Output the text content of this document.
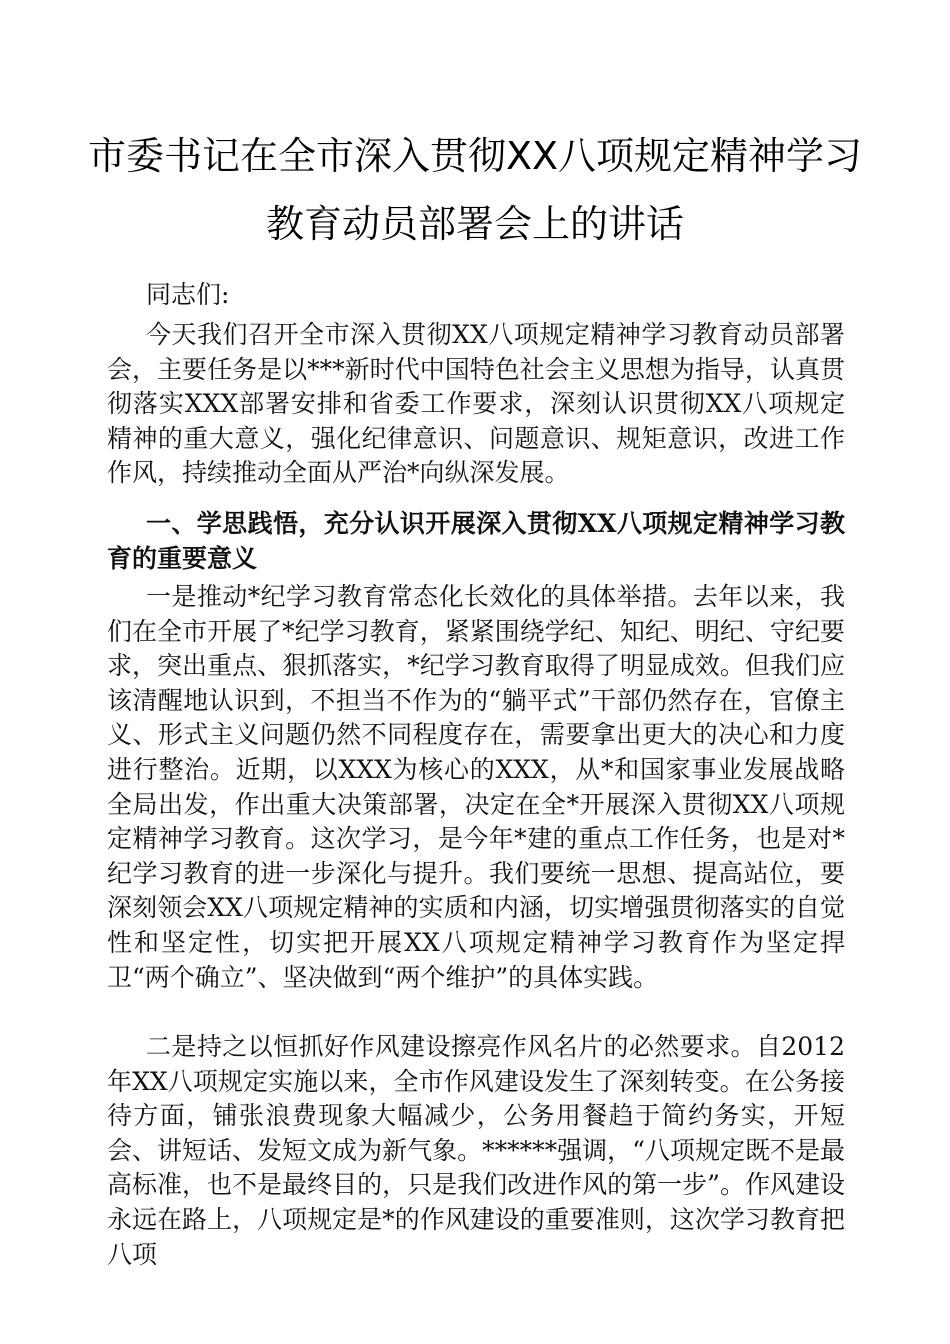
市委书记在全市深入贯彻XX八项规定精神学习
教育动员部署会上的讲话
同志们:
今天我们召开全市深入贯彻XX八项规定精神学习教育动员部署会，主要任务是以***新时代中国特色社会主义思想为指导，认真贯彻落实XXX部署安排和省委工作要求，深刻认识贯彻XX八项规定精神的重大意义，强化纪律意识、问题意识、规矩意识，改进工作作风，持续推动全面从严治*向纵深发展。
一、学思践悟，充分认识开展深入贯彻XX八项规定精神学习教育的重要意义
一是推动*纪学习教育常态化长效化的具体举措。去年以来，我们在全市开展了*纪学习教育，紧紧围绕学纪、知纪、明纪、守纪要求，突出重点、狠抓落实，*纪学习教育取得了明显成效。但我们应该清醒地认识到，不担当不作为的“躺平式”干部仍然存在，官僚主义、形式主义问题仍然不同程度存在，需要拿出更大的决心和力度进行整治。近期，以XXX为核心的XXX，从*和国家事业发展战略全局出发，作出重大决策部署，决定在全*开展深入贯彻XX八项规定精神学习教育。这次学习，是今年*建的重点工作任务，也是对*纪学习教育的进一步深化与提升。我们要统一思想、提高站位，要深刻领会XX八项规定精神的实质和内涵，切实增强贯彻落实的自觉性和坚定性，切实把开展XX八项规定精神学习教育作为坚定捍卫“两个确立”、坚决做到“两个维护”的具体实践。
二是持之以恒抓好作风建设擦亮作风名片的必然要求。自2012年XX八项规定实施以来，全市作风建设发生了深刻转变。在公务接待方面，铺张浪费现象大幅减少，公务用餐趋于简约务实，开短会、讲短话、发短文成为新气象。******强调，“八项规定既不是最高标准，也不是最终目的，只是我们改进作风的第一步”。作风建设永远在路上，八项规定是*的作风建设的重要准则，这次学习教育把八项
